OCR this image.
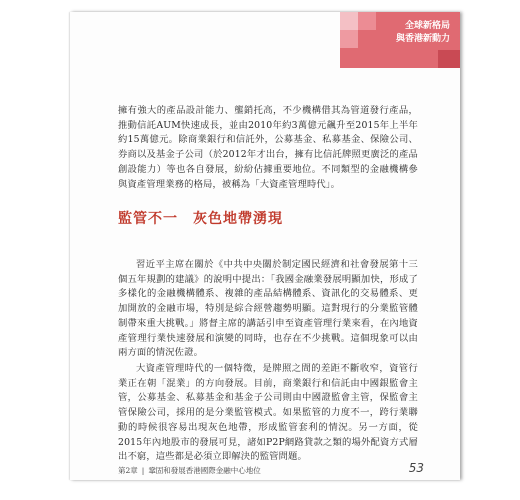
全球新格局
與香港新動力

擁有強大的產品設計能力、壟銷托高，不少機構借其為管道發行產品，推動信託AUM快速成長，並由2010年約3萬億元飆升至2015年上半年約15萬億元。除商業銀行和信託外，公募基金、私募基金、保險公司、券商以及基金子公司（於2012年才出台，擁有比信託牌照更廣泛的產品創設能力）等也各自發展，紛紛佔據重要地位。不同類型的金融機構參與資產管理業務的格局，被稱為「大資產管理時代」。

監管不一　灰色地帶湧現

習近平主席在關於《中共中央關於制定國民經濟和社會發展第十三個五年規劃的建議》的說明中提出：「我國金融業發展明顯加快，形成了多樣化的金融機構體系、複雜的產品結構體系、資訊化的交易體系、更加開放的金融市場，特別是綜合經營趨勢明顯。這對現行的分業監管體制帶來重大挑戰。」將督主席的講話引申至資產管理行業來看，在內地資產管理行業快速發展和演變的同時，也存在不少挑戰。這個現象可以由兩方面的情況佐證。

大資產管理時代的一個特徵，是牌照之間的差距不斷收窄，資管行業正在朝「混業」的方向發展。目前，商業銀行和信託由中國銀監會主管，公募基金、私募基金和基金子公司則由中國證監會主管，保監會主管保險公司，採用的是分業監管模式。如果監管的力度不一，跨行業聯動的時候很容易出現灰色地帶，形成監管套利的情況。另一方面，從2015年內地股市的發展可見，諸如P2P網路貸款之類的場外配資方式層出不窮，這些都是必須立即解決的監管問題。

第2章 | 鞏固和發展香港國際金融中心地位	53
